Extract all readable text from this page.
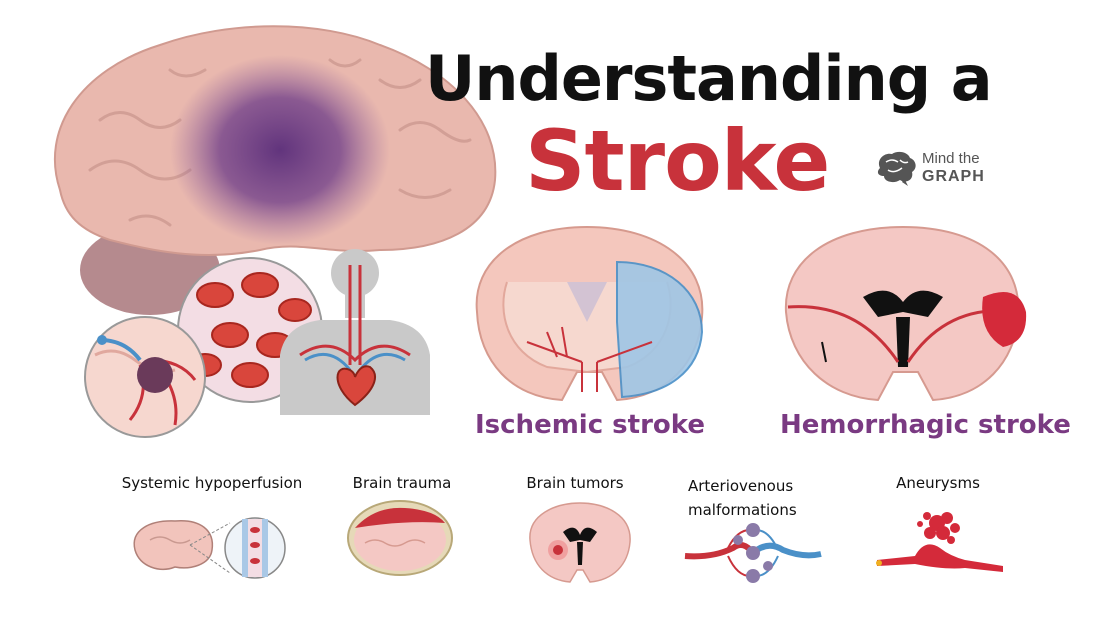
Understanding a
Stroke	Mind the
GRAPH
Ischemic stroke	Hemorrhagic stroke
Systemic hypoperfusion	Brain trauma	Brain tumors	Arteriovenous malformations
Aneurysms
